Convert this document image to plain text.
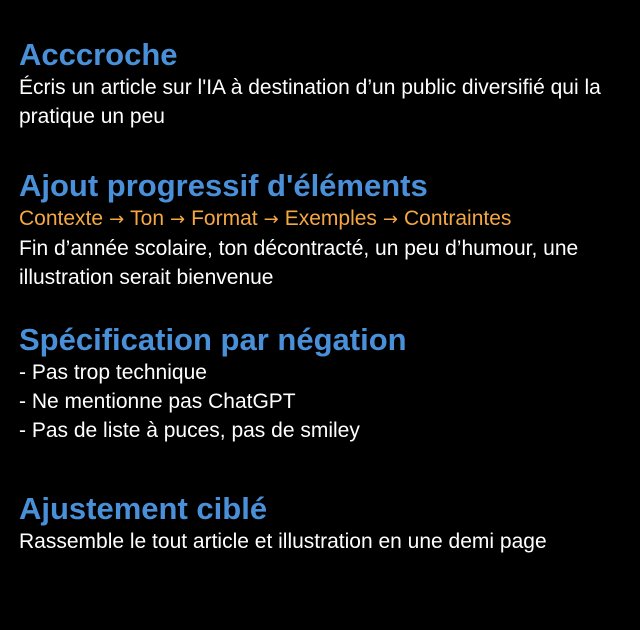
Acccroche

Écris un article sur l'IA à destination d’un public diversifié qui la pratique un peu

Ajout progressif d'éléments

Contexte → Ton → Format → Exemples → Contraintes

Fin d’année scolaire, ton décontracté, un peu d’humour, une illustration serait bienvenue

Spécification par négation
- Pas trop technique
- Ne mentionne pas ChatGPT
- Pas de liste à puces, pas de smiley
Ajustement ciblé

Rassemble le tout article et illustration en une demi page
